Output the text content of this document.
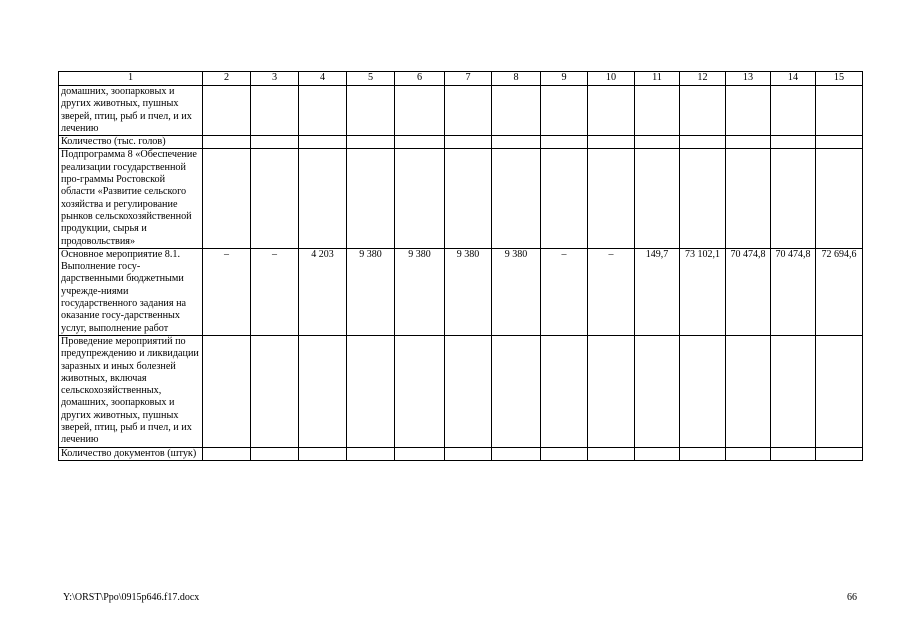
1	2	3	4	5	6	7	8	9	10	11	12	13	14	15
домашних, зоопарковых и других животных, пушных зверей, птиц, рыб и пчел, и их лечению														
Количество (тыс. голов)														
Подпрограмма 8 «Обеспечение реализации государственной про-граммы Ростовской области «Развитие сельского хозяйства и регулирование рынков сельскохозяйственной продукции, сырья и продовольствия»														
Основное мероприятие 8.1. Выполнение госу-дарственными бюджетными учрежде-ниями государственного задания на оказание госу-дарственных услуг, выполнение работ	–	–	4 203	9 380	9 380	9 380	9 380	–	–	149,7	73 102,1	70 474,8	70 474,8	72 694,6
Проведение мероприятий по предупреждению и ликвидации заразных и иных болезней животных, включая сельскохозяйственных, домашних, зоопарковых и других животных, пушных зверей, птиц, рыб и пчел, и их лечению														
Количество документов (штук)														
Y:\ORST\Ppo\0915p646.f17.docx	66
